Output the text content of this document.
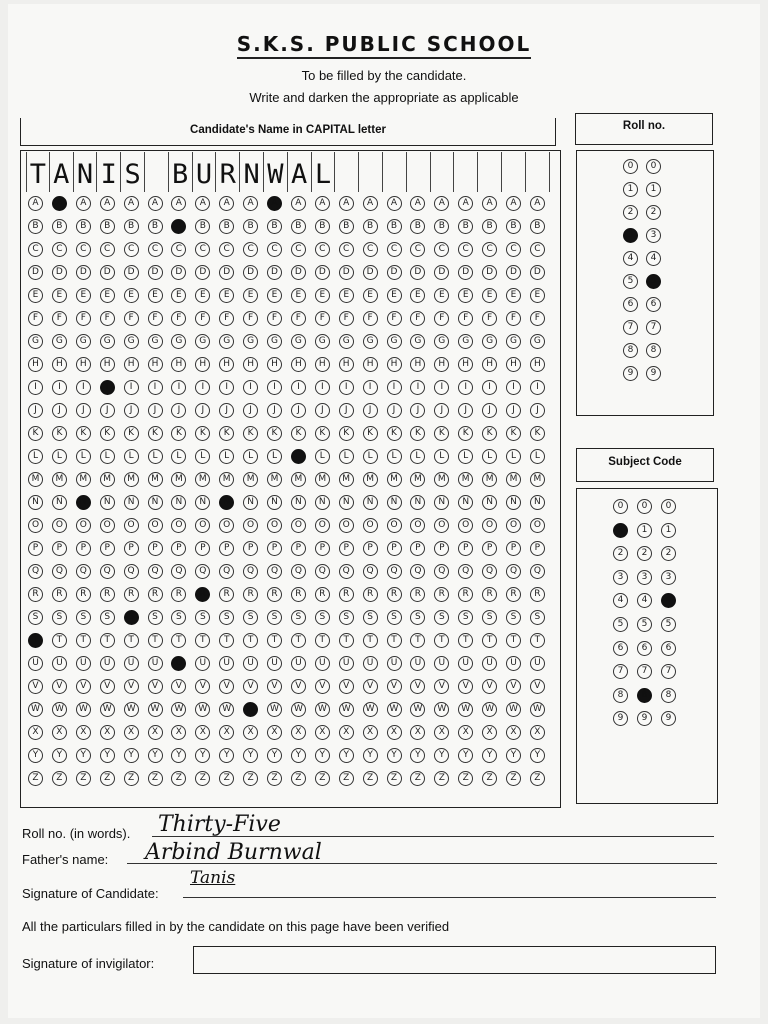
S.K.S. PUBLIC SCHOOL
To be filled by the candidate.
Write and darken the appropriate as applicable
Candidate's Name in CAPITAL letter	Roll no.
T A N I S B U R N W A L
A	A	A	A	A	A	A	A	A	A	A	A	A	A	A	A	A	A	A	A	A	A
B	B	B	B	B	B	B	B	B	B	B	B	B	B	B	B	B	B	B	B	B	B
C	C	C	C	C	C	C	C	C	C	C	C	C	C	C	C	C	C	C	C	C	C
D	D	D	D	D	D	D	D	D	D	D	D	D	D	D	D	D	D	D	D	D	D
E	E	E	E	E	E	E	E	E	E	E	E	E	E	E	E	E	E	E	E	E	E
F	F	F	F	F	F	F	F	F	F	F	F	F	F	F	F	F	F	F	F	F	F
G	G	G	G	G	G	G	G	G	G	G	G	G	G	G	G	G	G	G	G	G	G
H	H	H	H	H	H	H	H	H	H	H	H	H	H	H	H	H	H	H	H	H	H
I	I	I	I	I	I	I	I	I	I	I	I	I	I	I	I	I	I	I	I	I	I
J	J	J	J	J	J	J	J	J	J	J	J	J	J	J	J	J	J	J	J	J	J
K	K	K	K	K	K	K	K	K	K	K	K	K	K	K	K	K	K	K	K	K	K
L	L	L	L	L	L	L	L	L	L	L	L	L	L	L	L	L	L	L	L	L	L
M	M	M	M	M	M	M	M	M	M	M	M	M	M	M	M	M	M	M	M	M	M
N	N	N	N	N	N	N	N	N	N	N	N	N	N	N	N	N	N	N	N	N	N
O	O	O	O	O	O	O	O	O	O	O	O	O	O	O	O	O	O	O	O	O	O
P	P	P	P	P	P	P	P	P	P	P	P	P	P	P	P	P	P	P	P	P	P
Q	Q	Q	Q	Q	Q	Q	Q	Q	Q	Q	Q	Q	Q	Q	Q	Q	Q	Q	Q	Q	Q
R	R	R	R	R	R	R	R	R	R	R	R	R	R	R	R	R	R	R	R	R	R
S	S	S	S	S	S	S	S	S	S	S	S	S	S	S	S	S	S	S	S	S	S
T	T	T	T	T	T	T	T	T	T	T	T	T	T	T	T	T	T	T	T	T	T
U	U	U	U	U	U	U	U	U	U	U	U	U	U	U	U	U	U	U	U	U	U
V	V	V	V	V	V	V	V	V	V	V	V	V	V	V	V	V	V	V	V	V	V
W	W	W	W	W	W	W	W	W	W	W	W	W	W	W	W	W	W	W	W	W	W
X	X	X	X	X	X	X	X	X	X	X	X	X	X	X	X	X	X	X	X	X	X
Y	Y	Y	Y	Y	Y	Y	Y	Y	Y	Y	Y	Y	Y	Y	Y	Y	Y	Y	Y	Y	Y
Z	Z	Z	Z	Z	Z	Z	Z	Z	Z	Z	Z	Z	Z	Z	Z	Z	Z	Z	Z	Z	Z
0	0
1	1
2	2
3	3
4	4
5	5
6	6
7	7
8	8
9	9
Subject Code
0	0	0
1	1	1
2	2	2
3	3	3
4	4	4
5	5	5
6	6	6
7	7	7
8	8	8
9	9	9
Roll no. (in words). Thirty-Five
Father's name: Arbind Burnwal
Signature of Candidate:
Tanis
All the particulars filled in by the candidate on this page have been verified
Signature of invigilator:
